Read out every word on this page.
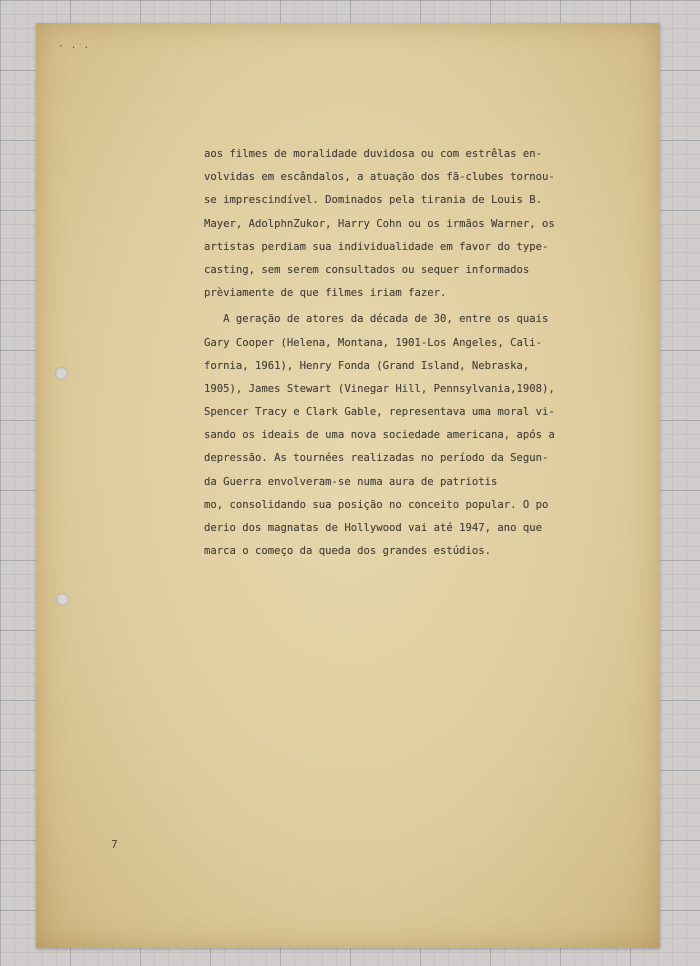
- . .
aos filmes de moralidade duvidosa ou com estrêlas en-
volvidas em escândalos, a atuação dos fã-clubes tornou-
se imprescindível. Dominados pela tirania de Louis B.
Mayer, AdolphnZukor, Harry Cohn ou os irmãos Warner, os
artistas perdiam sua individualidade em favor do type-
casting, sem serem consultados ou sequer informados
prèviamente de que filmes iriam fazer.
A geração de atores da década de 30, entre os quais
Gary Cooper (Helena, Montana, 1901-Los Angeles, Cali-
fornia, 1961), Henry Fonda (Grand Island, Nebraska,
1905), James Stewart (Vinegar Hill, Pennsylvania,1908),
Spencer Tracy e Clark Gable, representava uma moral vi-
sando os ideais de uma nova sociedade americana, após a
depressão. As tournées realizadas no período da Segun-
da Guerra envolveram-se numa aura de patriotis
mo, consolidando sua posição no conceito popular. O po
derio dos magnatas de Hollywood vai até 1947, ano que
marca o começo da queda dos grandes estúdios.
7
